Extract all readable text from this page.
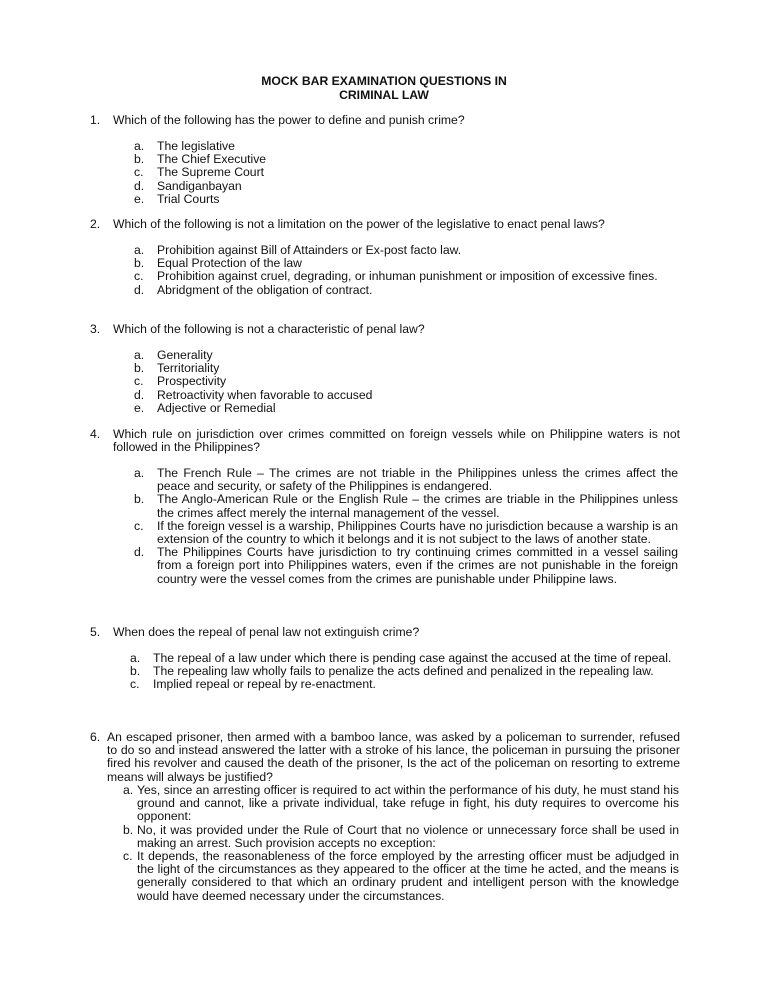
MOCK BAR EXAMINATION QUESTIONS IN
CRIMINAL LAW
1.	Which of the following has the power to define and punish crime?
a.	The legislative
b.	The Chief Executive
c.	The Supreme Court
d.	Sandiganbayan
e.	Trial Courts
2.	Which of the following is not a limitation on the power of the legislative to enact penal laws?
a.	Prohibition against Bill of Attainders or Ex-post facto law.
b.	Equal Protection of the law
c.	Prohibition against cruel, degrading, or inhuman punishment or imposition of excessive fines.
d.	Abridgment of the obligation of contract.
3.	Which of the following is not a characteristic of penal law?
a.	Generality
b.	Territoriality
c.	Prospectivity
d.	Retroactivity when favorable to accused
e.	Adjective or Remedial
4.	Which rule on jurisdiction over crimes committed on foreign vessels while on Philippine waters is not followed in the Philippines?
a.	The French Rule – The crimes are not triable in the Philippines unless the crimes affect the peace and security, or safety of the Philippines is endangered.
b.	The Anglo-American Rule or the English Rule – the crimes are triable in the Philippines unless the crimes affect merely the internal management of the vessel.
c.	If the foreign vessel is a warship, Philippines Courts have no jurisdiction because a warship is an extension of the country to which it belongs and it is not subject to the laws of another state.
d.	The Philippines Courts have jurisdiction to try continuing crimes committed in a vessel sailing from a foreign port into Philippines waters, even if the crimes are not punishable in the foreign country were the vessel comes from the crimes are punishable under Philippine laws.
5.	When does the repeal of penal law not extinguish crime?
a.	The repeal of a law under which there is pending case against the accused at the time of repeal.
b.	The repealing law wholly fails to penalize the acts defined and penalized in the repealing law.
c.	Implied repeal or repeal by re-enactment.
6. An escaped prisoner, then armed with a bamboo lance, was asked by a policeman to surrender, refused to do so and instead answered the latter with a stroke of his lance, the policeman in pursuing the prisoner fired his revolver and caused the death of the prisoner, Is the act of the policeman on resorting to extreme means will always be justified?
a. Yes, since an arresting officer is required to act within the performance of his duty, he must stand his ground and cannot, like a private individual, take refuge in fight, his duty requires to overcome his opponent:
b. No, it was provided under the Rule of Court that no violence or unnecessary force shall be used in making an arrest. Such provision accepts no exception:
c. It depends, the reasonableness of the force employed by the arresting officer must be adjudged in the light of the circumstances as they appeared to the officer at the time he acted, and the means is generally considered to that which an ordinary prudent and intelligent person with the knowledge would have deemed necessary under the circumstances.
